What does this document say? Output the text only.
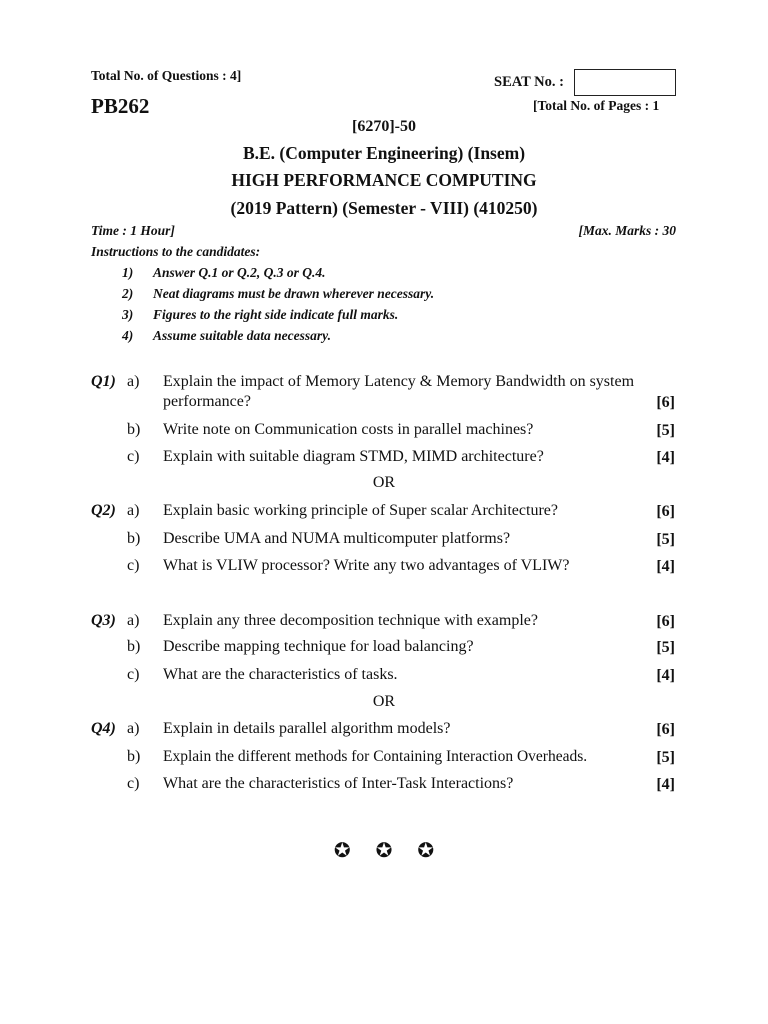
Total No. of Questions : 4]	SEAT No. :
PB262	[Total No. of Pages : 1
[6270]-50
B.E. (Computer Engineering) (Insem)
HIGH PERFORMANCE COMPUTING
(2019 Pattern) (Semester - VIII) (410250)
Time : 1 Hour]	[Max. Marks : 30
Instructions to the candidates:
1) Answer Q.1 or Q.2, Q.3 or Q.4.
2) Neat diagrams must be drawn wherever necessary.
3) Figures to the right side indicate full marks.
4) Assume suitable data necessary.
Q1) a) Explain the impact of Memory Latency & Memory Bandwidth on system
performance?	[6]
b) Write note on Communication costs in parallel machines?	[5]
c) Explain with suitable diagram STMD, MIMD architecture?	[4]
OR
Q2) a) Explain basic working principle of Super scalar Architecture?	[6]
b) Describe UMA and NUMA multicomputer platforms?	[5]
c) What is VLIW processor? Write any two advantages of VLIW?	[4]
Q3) a) Explain any three decomposition technique with example?	[6]
b) Describe mapping technique for load balancing?	[5]
c) What are the characteristics of tasks.	[4]
OR
Q4) a) Explain in details parallel algorithm models?	[6]
b) Explain the different methods for Containing Interaction Overheads.	[5]
c) What are the characteristics of Inter-Task Interactions?	[4]
✪ ✪ ✪
